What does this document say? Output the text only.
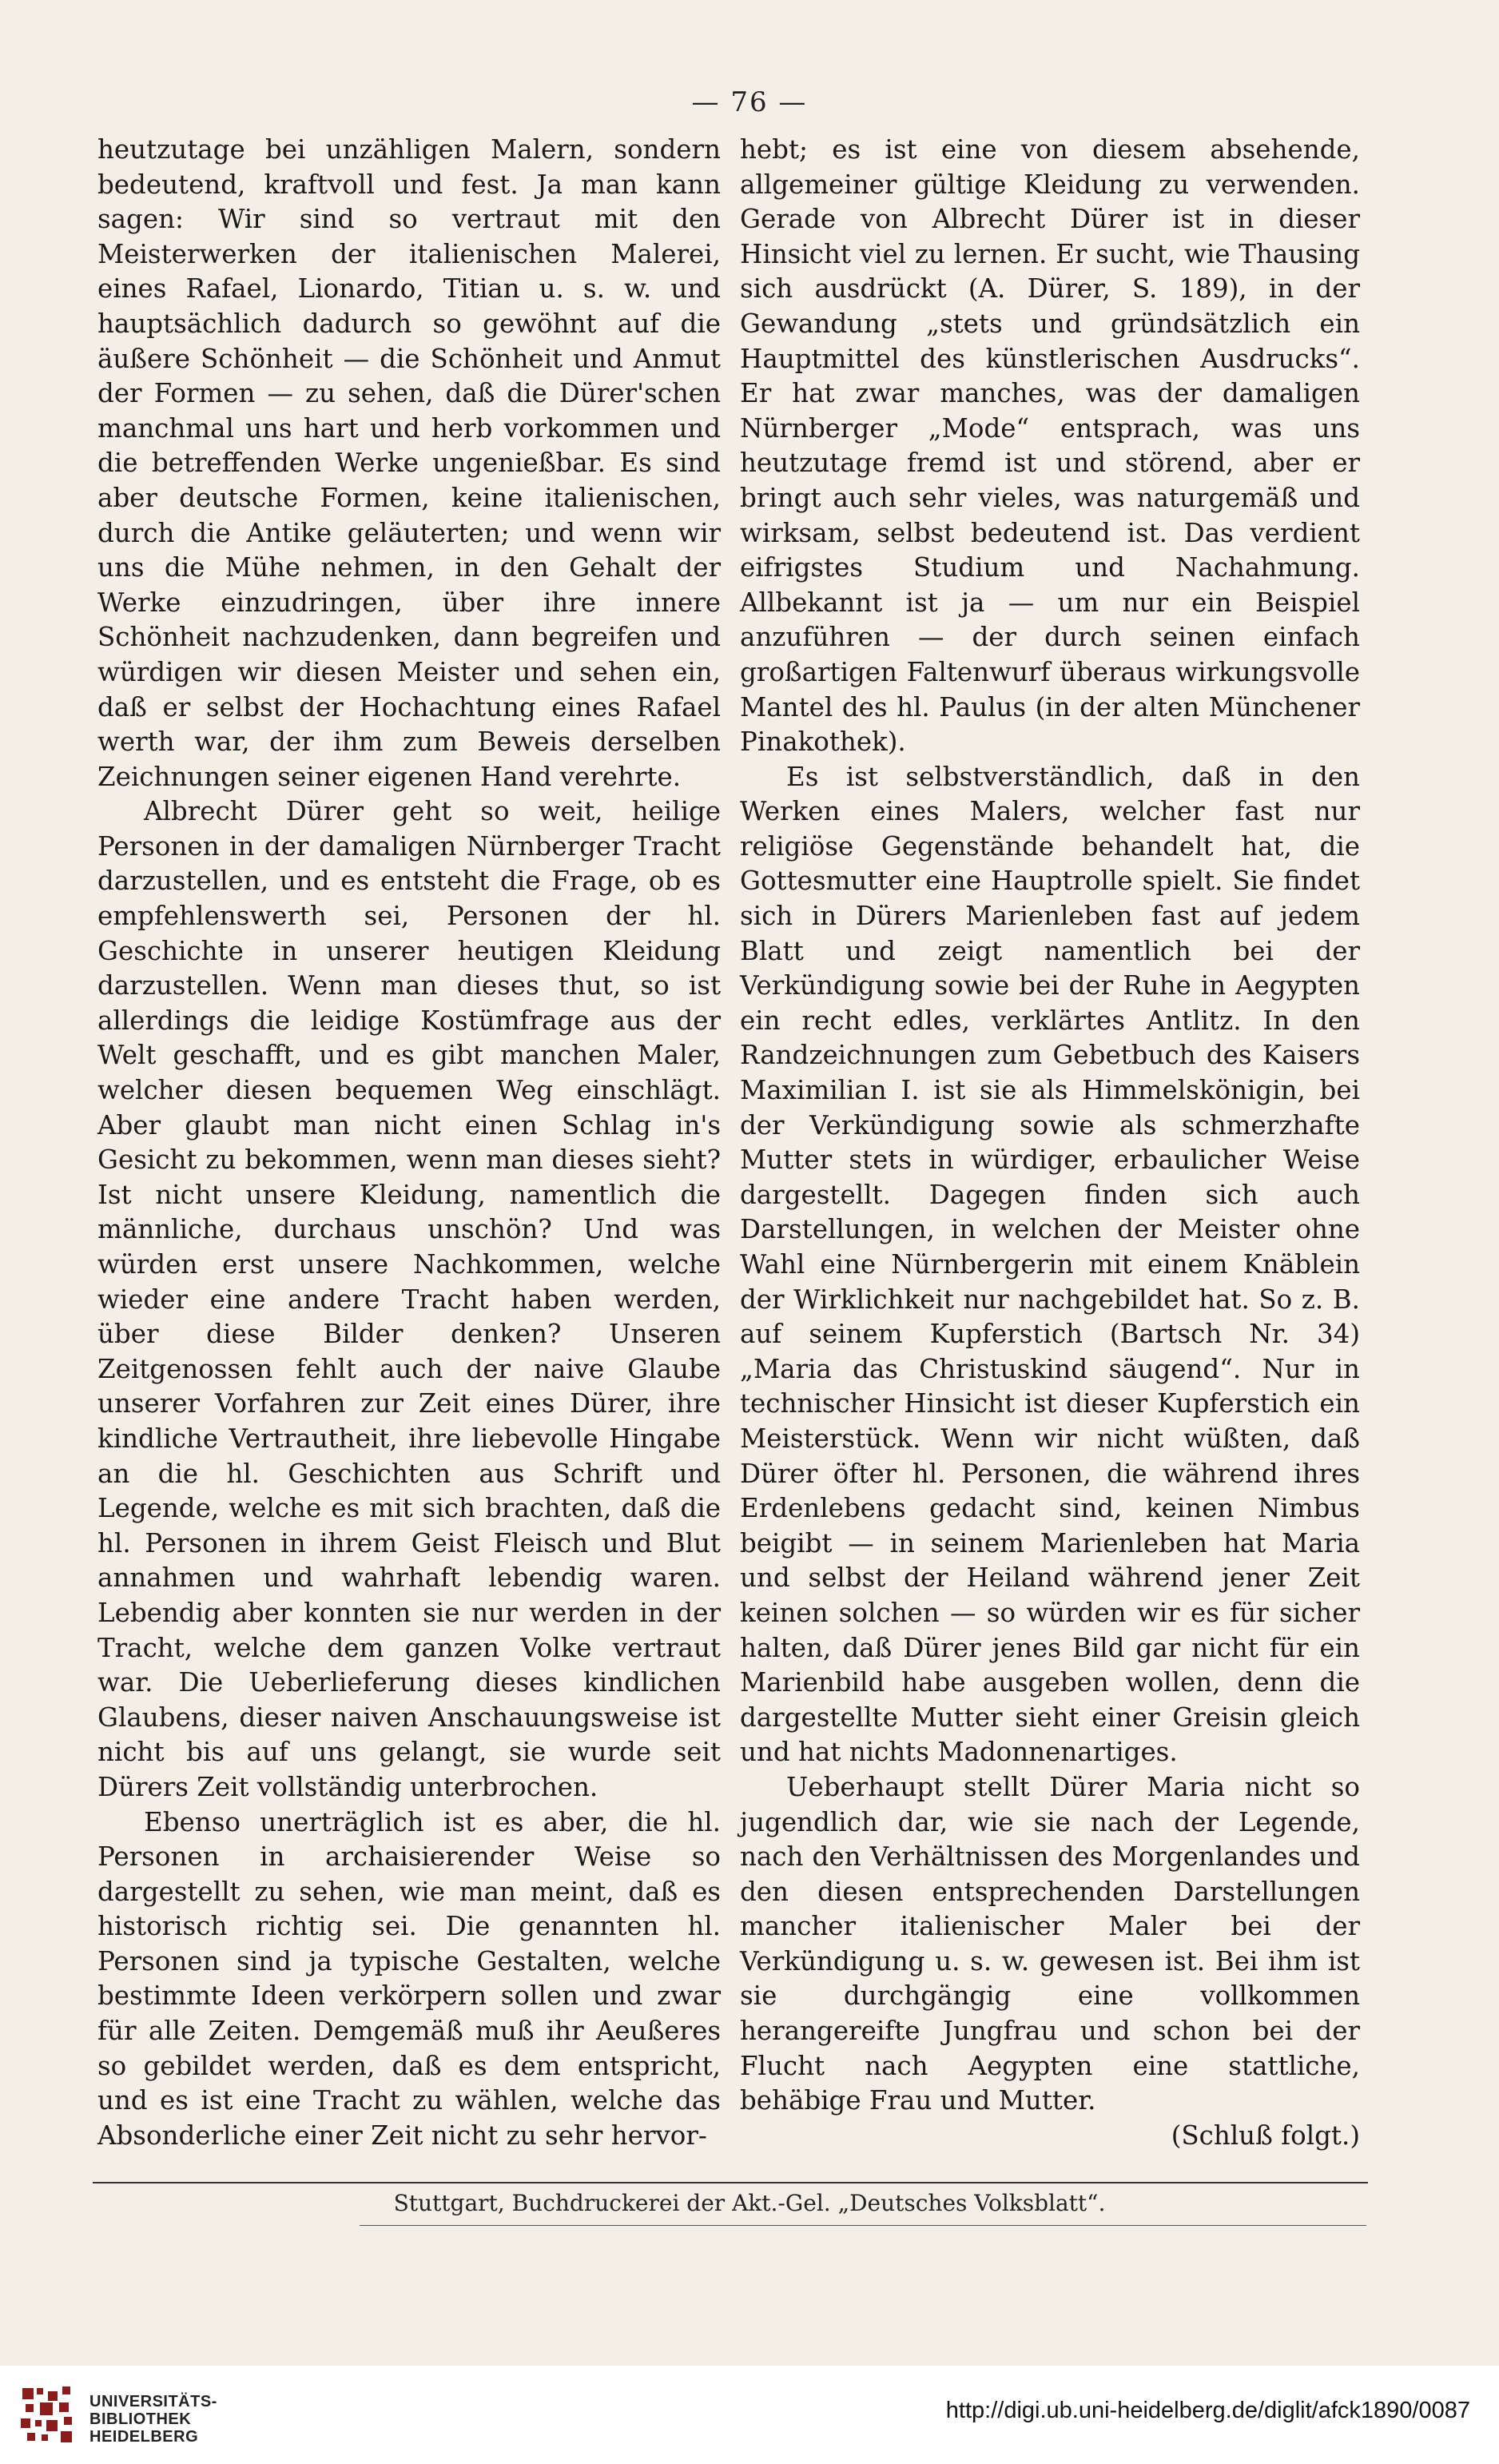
— 76 —

heutzutage bei unzähligen Malern, sondern bedeutend, kraftvoll und fest. Ja man kann sagen: Wir sind so vertraut mit den Meisterwerken der italienischen Malerei, eines Rafael, Lionardo, Titian u. s. w. und hauptsächlich dadurch so gewöhnt auf die äußere Schönheit — die Schönheit und Anmut der Formen — zu sehen, daß die Dürer'schen manchmal uns hart und herb vorkommen und die betreffenden Werke ungenießbar. Es sind aber deutsche Formen, keine italienischen, durch die Antike geläuterten; und wenn wir uns die Mühe nehmen, in den Gehalt der Werke einzudringen, über ihre innere Schönheit nachzudenken, dann begreifen und würdigen wir diesen Meister und sehen ein, daß er selbst der Hochachtung eines Rafael werth war, der ihm zum Beweis derselben Zeichnungen seiner eigenen Hand verehrte.

Albrecht Dürer geht so weit, heilige Personen in der damaligen Nürnberger Tracht darzustellen, und es entsteht die Frage, ob es empfehlenswerth sei, Personen der hl. Geschichte in unserer heutigen Kleidung darzustellen. Wenn man dieses thut, so ist allerdings die leidige Kostümfrage aus der Welt geschafft, und es gibt manchen Maler, welcher diesen bequemen Weg einschlägt. Aber glaubt man nicht einen Schlag in's Gesicht zu bekommen, wenn man dieses sieht? Ist nicht unsere Kleidung, namentlich die männliche, durchaus unschön? Und was würden erst unsere Nachkommen, welche wieder eine andere Tracht haben werden, über diese Bilder denken? Unseren Zeitgenossen fehlt auch der naive Glaube unserer Vorfahren zur Zeit eines Dürer, ihre kindliche Vertrautheit, ihre liebevolle Hingabe an die hl. Geschichten aus Schrift und Legende, welche es mit sich brachten, daß die hl. Personen in ihrem Geist Fleisch und Blut annahmen und wahrhaft lebendig waren. Lebendig aber konnten sie nur werden in der Tracht, welche dem ganzen Volke vertraut war. Die Ueberlieferung dieses kindlichen Glaubens, dieser naiven Anschauungsweise ist nicht bis auf uns gelangt, sie wurde seit Dürers Zeit vollständig unterbrochen.

Ebenso unerträglich ist es aber, die hl. Personen in archaisierender Weise so dargestellt zu sehen, wie man meint, daß es historisch richtig sei. Die genannten hl. Personen sind ja typische Gestalten, welche bestimmte Ideen verkörpern sollen und zwar für alle Zeiten. Demgemäß muß ihr Aeußeres so gebildet werden, daß es dem entspricht, und es ist eine Tracht zu wählen, welche das Absonderliche einer Zeit nicht zu sehr hervor-

hebt; es ist eine von diesem absehende, allgemeiner gültige Kleidung zu verwenden. Gerade von Albrecht Dürer ist in dieser Hinsicht viel zu lernen. Er sucht, wie Thausing sich ausdrückt (A. Dürer, S. 189), in der Gewandung „stets und gründsätzlich ein Hauptmittel des künstlerischen Ausdrucks“. Er hat zwar manches, was der damaligen Nürnberger „Mode“ entsprach, was uns heutzutage fremd ist und störend, aber er bringt auch sehr vieles, was naturgemäß und wirksam, selbst bedeutend ist. Das verdient eifrigstes Studium und Nachahmung. Allbekannt ist ja — um nur ein Beispiel anzuführen — der durch seinen einfach großartigen Faltenwurf überaus wirkungsvolle Mantel des hl. Paulus (in der alten Münchener Pinakothek).

Es ist selbstverständlich, daß in den Werken eines Malers, welcher fast nur religiöse Gegenstände behandelt hat, die Gottesmutter eine Hauptrolle spielt. Sie findet sich in Dürers Marienleben fast auf jedem Blatt und zeigt namentlich bei der Verkündigung sowie bei der Ruhe in Aegypten ein recht edles, verklärtes Antlitz. In den Randzeichnungen zum Gebetbuch des Kaisers Maximilian I. ist sie als Himmelskönigin, bei der Verkündigung sowie als schmerzhafte Mutter stets in würdiger, erbaulicher Weise dargestellt. Dagegen finden sich auch Darstellungen, in welchen der Meister ohne Wahl eine Nürnbergerin mit einem Knäblein der Wirklichkeit nur nachgebildet hat. So z. B. auf seinem Kupferstich (Bartsch Nr. 34) „Maria das Christuskind säugend“. Nur in technischer Hinsicht ist dieser Kupferstich ein Meisterstück. Wenn wir nicht wüßten, daß Dürer öfter hl. Personen, die während ihres Erdenlebens gedacht sind, keinen Nimbus beigibt — in seinem Marienleben hat Maria und selbst der Heiland während jener Zeit keinen solchen — so würden wir es für sicher halten, daß Dürer jenes Bild gar nicht für ein Marienbild habe ausgeben wollen, denn die dargestellte Mutter sieht einer Greisin gleich und hat nichts Madonnenartiges.

Ueberhaupt stellt Dürer Maria nicht so jugendlich dar, wie sie nach der Legende, nach den Verhältnissen des Morgenlandes und den diesen entsprechenden Darstellungen mancher italienischer Maler bei der Verkündigung u. s. w. gewesen ist. Bei ihm ist sie durchgängig eine vollkommen herangereifte Jungfrau und schon bei der Flucht nach Aegypten eine stattliche, behäbige Frau und Mutter.

(Schluß folgt.)

Stuttgart, Buchdruckerei der Akt.-Gel. „Deutsches Volksblatt“.
UNIVERSITÄTS-
BIBLIOTHEK
HEIDELBERG
http://digi.ub.uni-heidelberg.de/diglit/afck1890/0087
